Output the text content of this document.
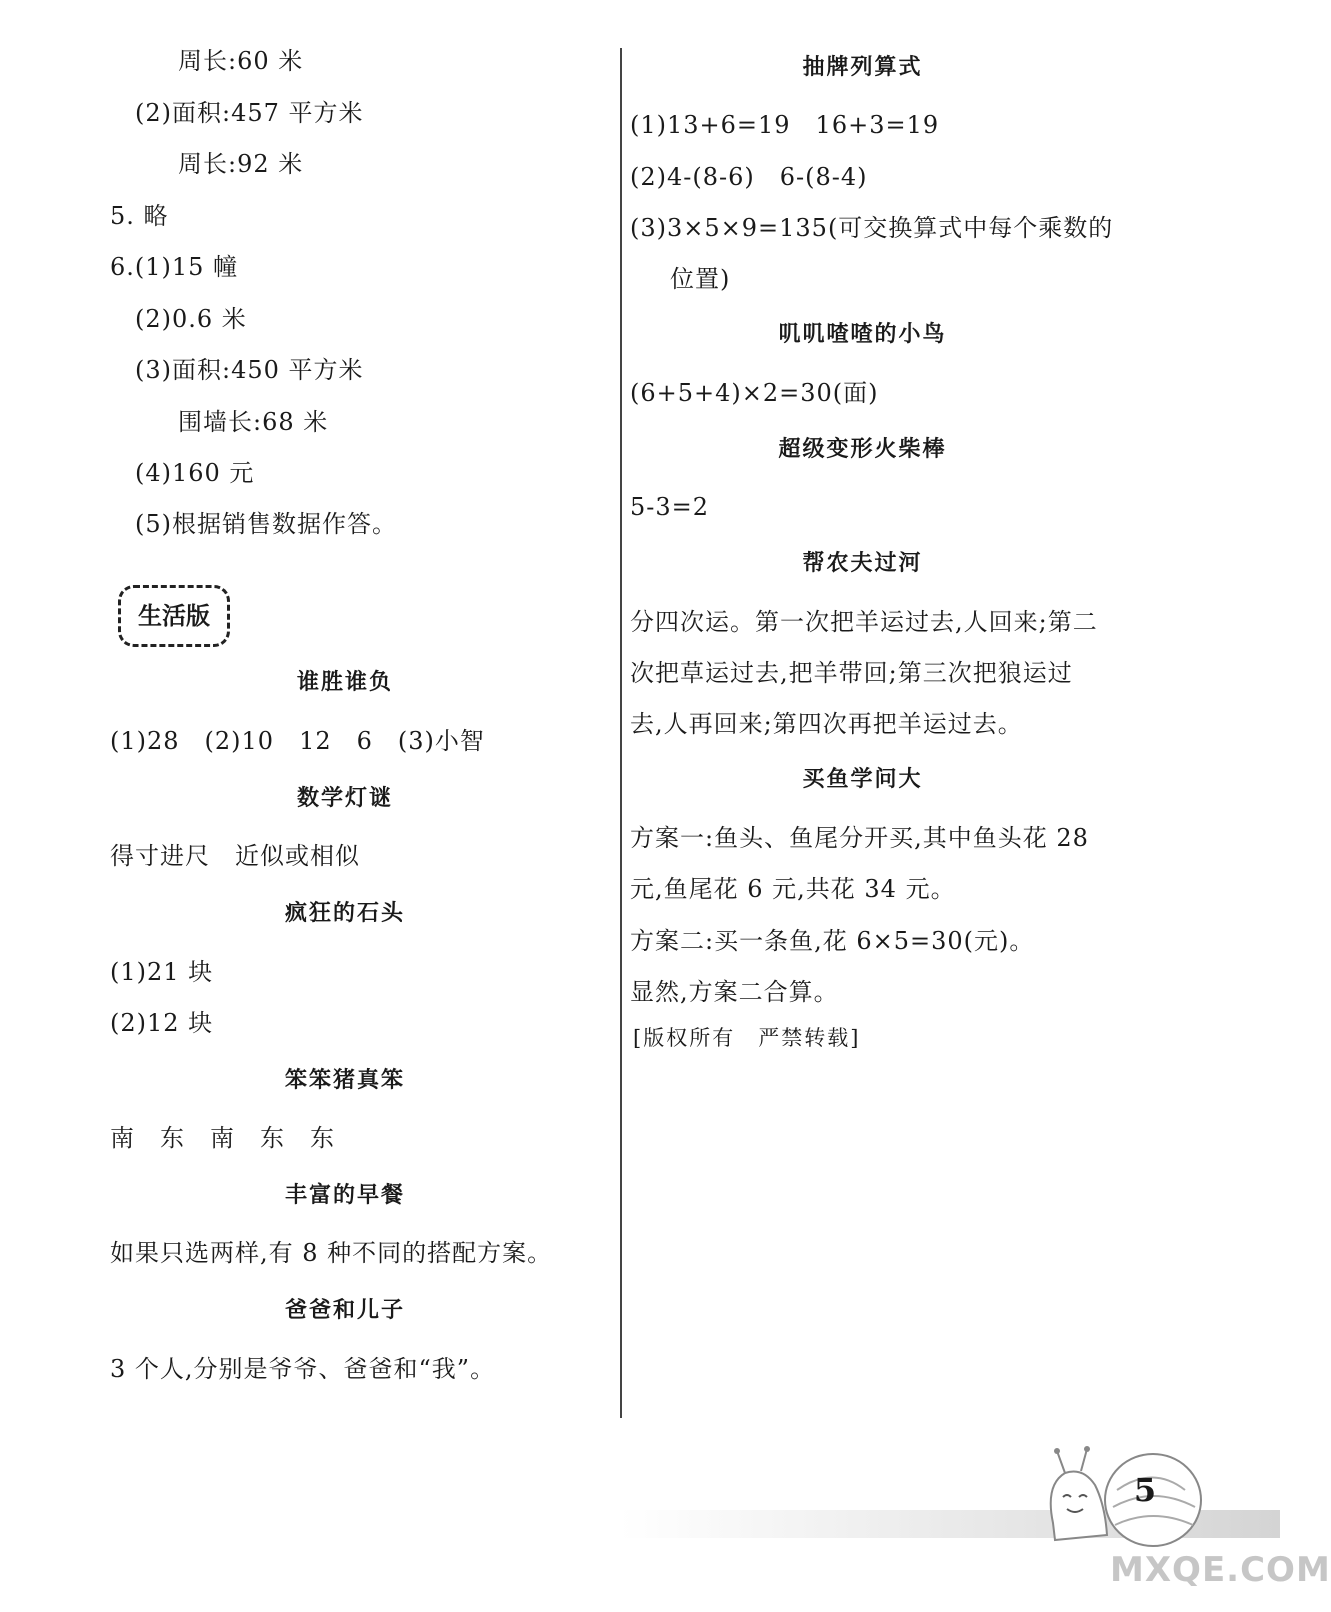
周长:60 米
(2)面积:457 平方米
周长:92 米
5. 略
6.(1)15 幢
(2)0.6 米
(3)面积:450 平方米
围墙长:68 米
(4)160 元
(5)根据销售数据作答。
生活版
谁胜谁负
(1)28　(2)10　12　6　(3)小智
数学灯谜
得寸进尺　近似或相似
疯狂的石头
(1)21 块
(2)12 块
笨笨猪真笨
南　东　南　东　东
丰富的早餐
如果只选两样,有 8 种不同的搭配方案。
爸爸和儿子
3 个人,分别是爷爷、爸爸和“我”。
抽牌列算式
(1)13+6=19　16+3=19
(2)4-(8-6)　6-(8-4)
(3)3×5×9=135(可交换算式中每个乘数的
位置)
叽叽喳喳的小鸟
(6+5+4)×2=30(面)
超级变形火柴棒
5-3=2
帮农夫过河
分四次运。第一次把羊运过去,人回来;第二
次把草运过去,把羊带回;第三次把狼运过
去,人再回来;第四次再把羊运过去。
买鱼学问大
方案一:鱼头、鱼尾分开买,其中鱼头花 28
元,鱼尾花 6 元,共花 34 元。
方案二:买一条鱼,花 6×5=30(元)。
显然,方案二合算。
[版权所有　严禁转载]
5
MXQE.COM
